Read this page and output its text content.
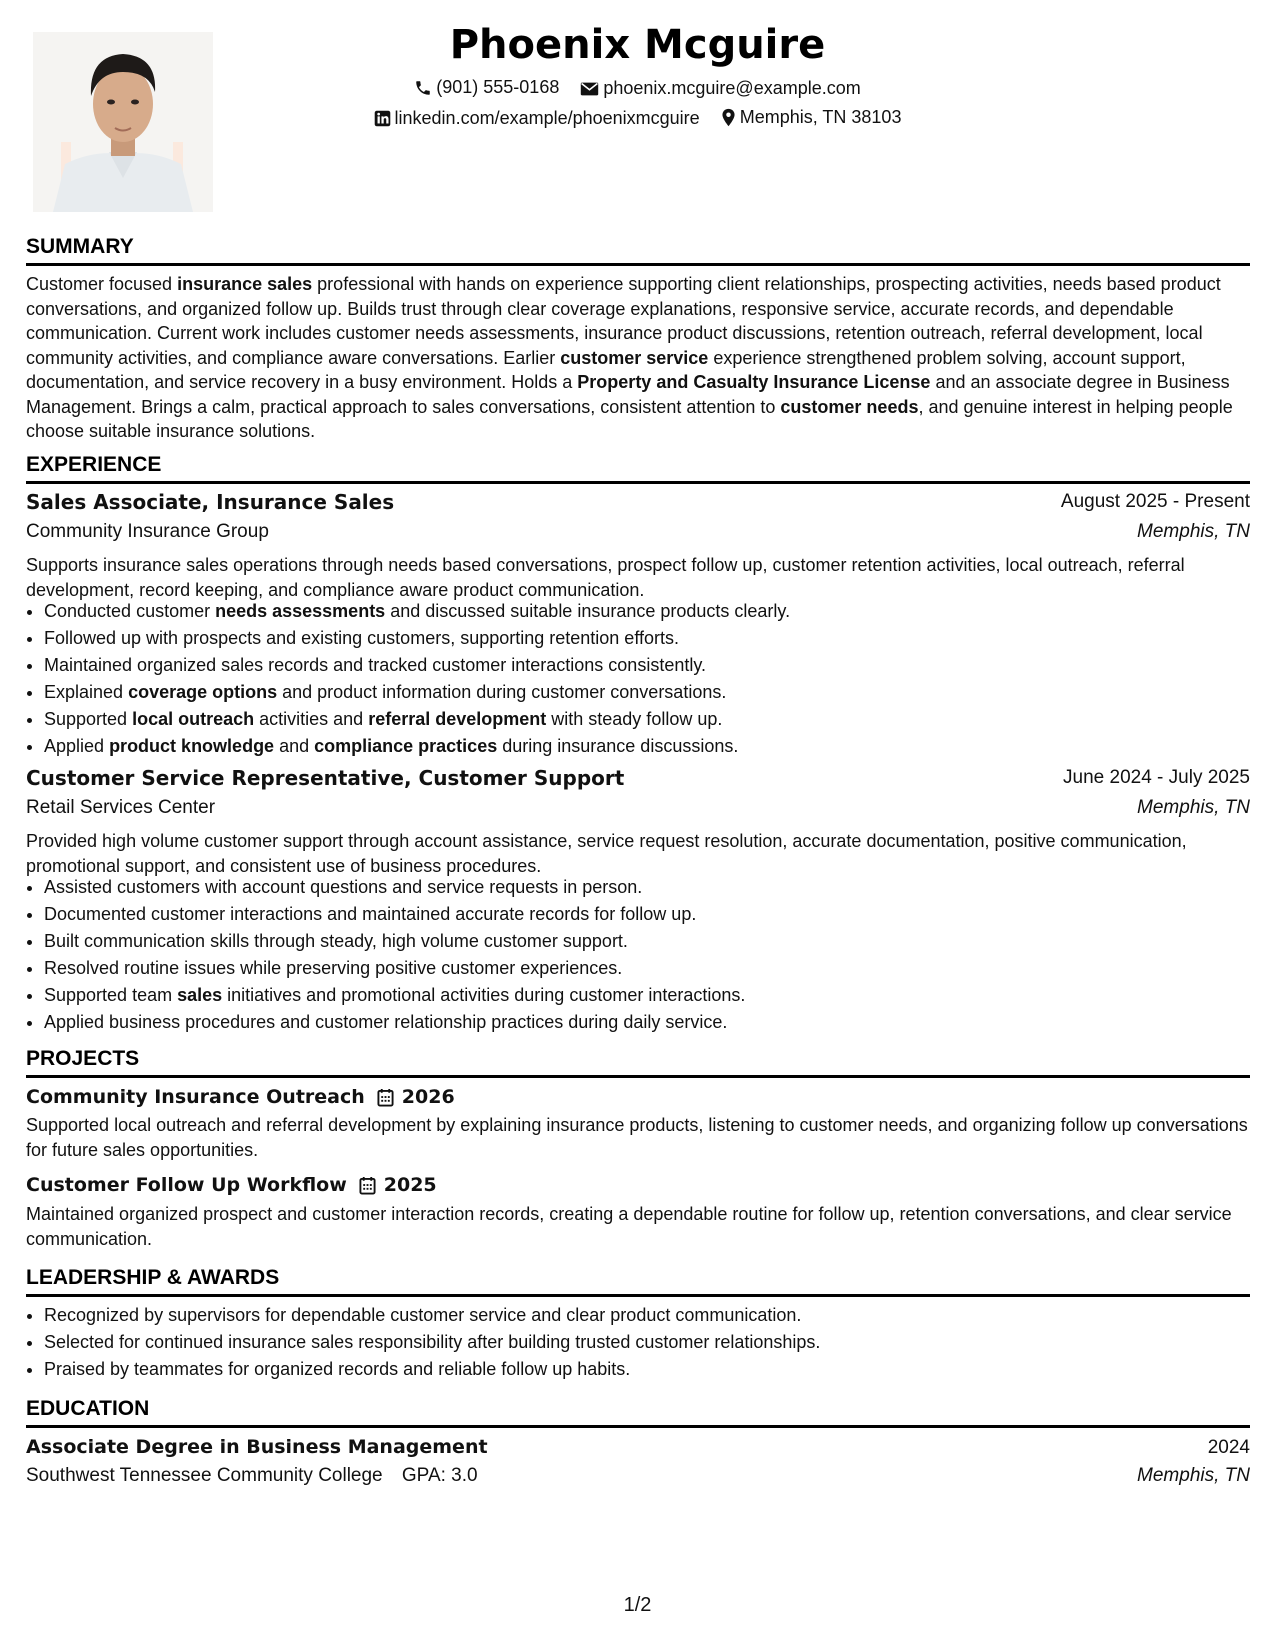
Phoenix Mcguire
(901) 555-0168
phoenix.mcguire@example.com
linkedin.com/example/phoenixmcguire
Memphis, TN 38103
SUMMARY
Customer focused insurance sales professional with hands on experience supporting client relationships, prospecting activities, needs based product conversations, and organized follow up. Builds trust through clear coverage explanations, responsive service, accurate records, and dependable communication. Current work includes customer needs assessments, insurance product discussions, retention outreach, referral development, local community activities, and compliance aware conversations. Earlier customer service experience strengthened problem solving, account support, documentation, and service recovery in a busy environment. Holds a Property and Casualty Insurance License and an associate degree in Business Management. Brings a calm, practical approach to sales conversations, consistent attention to customer needs, and genuine interest in helping people choose suitable insurance solutions.
EXPERIENCE
Sales Associate, Insurance Sales	August 2025 - Present
Community Insurance Group	Memphis, TN
Supports insurance sales operations through needs based conversations, prospect follow up, customer retention activities, local outreach, referral development, record keeping, and compliance aware product communication.
• Conducted customer needs assessments and discussed suitable insurance products clearly.
• Followed up with prospects and existing customers, supporting retention efforts.
• Maintained organized sales records and tracked customer interactions consistently.
• Explained coverage options and product information during customer conversations.
• Supported local outreach activities and referral development with steady follow up.
• Applied product knowledge and compliance practices during insurance discussions.
Customer Service Representative, Customer Support	June 2024 - July 2025
Retail Services Center	Memphis, TN
Provided high volume customer support through account assistance, service request resolution, accurate documentation, positive communication, promotional support, and consistent use of business procedures.
• Assisted customers with account questions and service requests in person.
• Documented customer interactions and maintained accurate records for follow up.
• Built communication skills through steady, high volume customer support.
• Resolved routine issues while preserving positive customer experiences.
• Supported team sales initiatives and promotional activities during customer interactions.
• Applied business procedures and customer relationship practices during daily service.
PROJECTS
Community Insurance Outreach 2026
Supported local outreach and referral development by explaining insurance products, listening to customer needs, and organizing follow up conversations for future sales opportunities.
Customer Follow Up Workflow 2025
Maintained organized prospect and customer interaction records, creating a dependable routine for follow up, retention conversations, and clear service communication.
LEADERSHIP & AWARDS
• Recognized by supervisors for dependable customer service and clear product communication.
• Selected for continued insurance sales responsibility after building trusted customer relationships.
• Praised by teammates for organized records and reliable follow up habits.
EDUCATION
Associate Degree in Business Management	2024
Southwest Tennessee Community College GPA: 3.0	Memphis, TN
1/2
